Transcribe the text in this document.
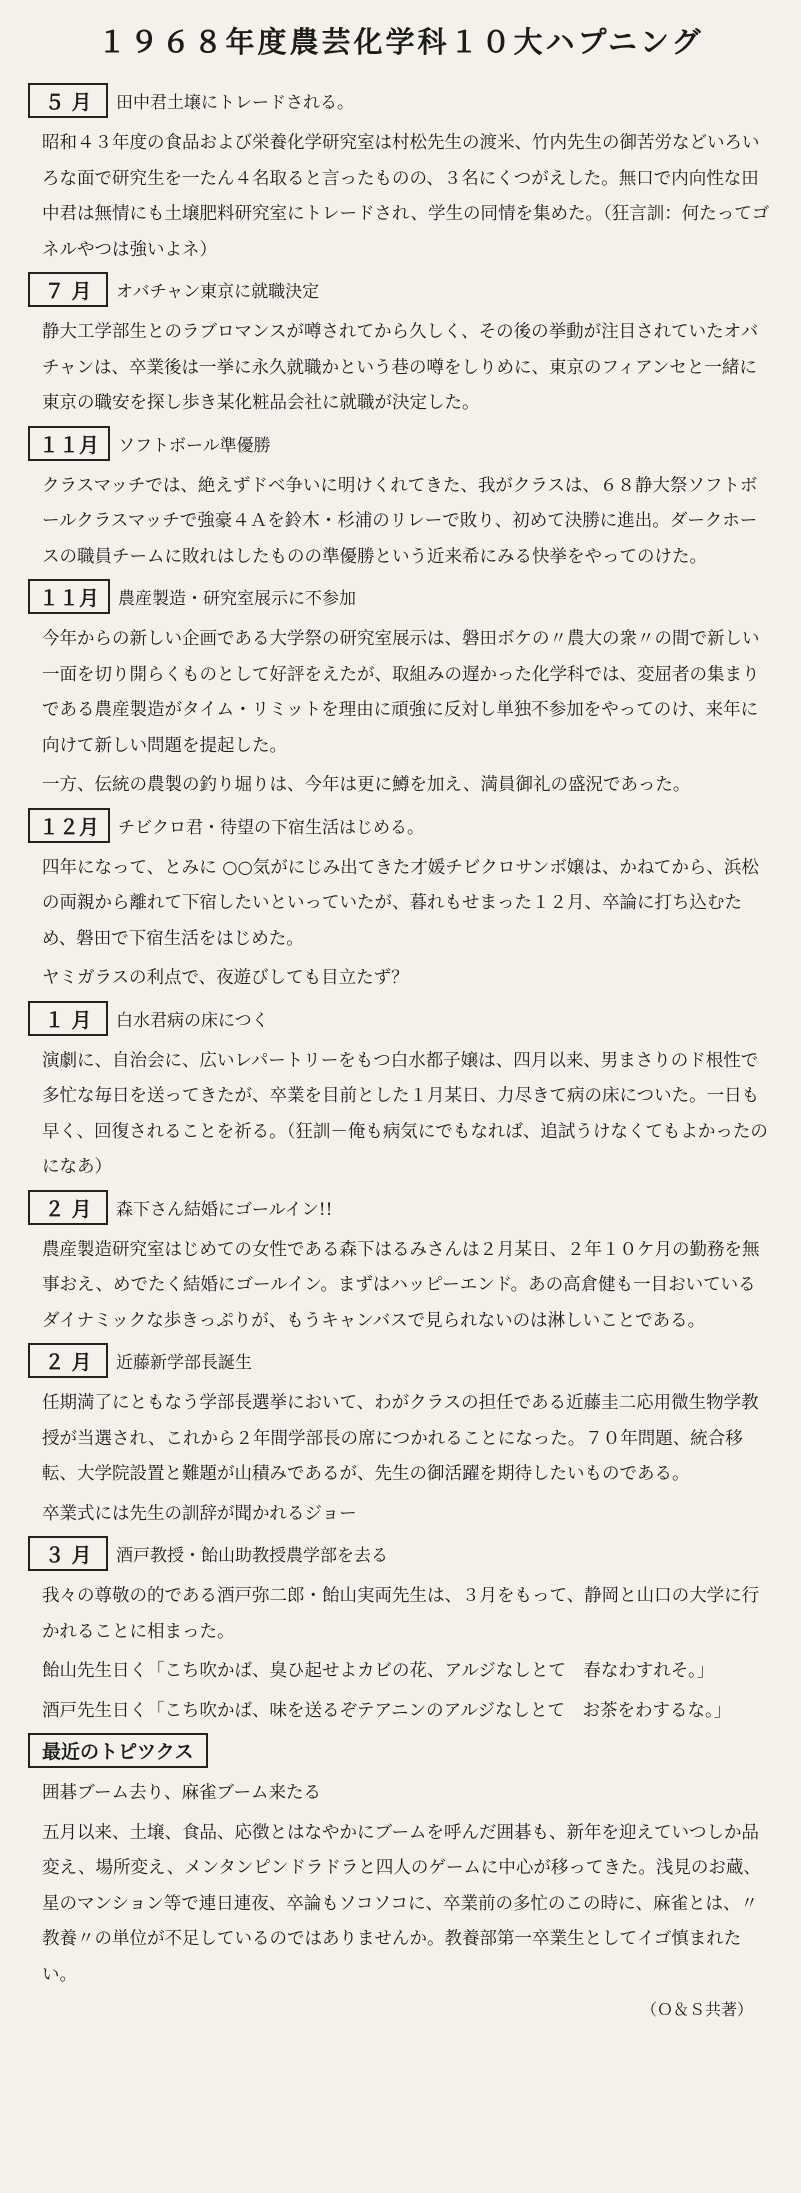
１９６８年度農芸化学科１０大ハプニング
５ 月	田中君土壌にトレードされる。
昭和４３年度の食品および栄養化学研究室は村松先生の渡米、竹内先生の御苦労などいろいろな面で研究生を一たん４名取ると言ったものの、３名にくつがえした。無口で内向性な田中君は無情にも土壌肥料研究室にトレードされ、学生の同情を集めた。（狂言訓：何たってゴネルやつは強いよネ）
７ 月	オバチャン東京に就職決定
静大工学部生とのラブロマンスが噂されてから久しく、その後の挙動が注目されていたオバチャンは、卒業後は一挙に永久就職かという巷の噂をしりめに、東京のフィアンセと一緒に東京の職安を探し歩き某化粧品会社に就職が決定した。
１１月	ソフトボール準優勝
クラスマッチでは、絶えずドベ争いに明けくれてきた、我がクラスは、６８静大祭ソフトボールクラスマッチで強豪４Ａを鈴木・杉浦のリレーで敗り、初めて決勝に進出。ダークホースの職員チームに敗れはしたものの準優勝という近来希にみる快挙をやってのけた。
１１月	農産製造・研究室展示に不参加
今年からの新しい企画である大学祭の研究室展示は、磐田ボケの〃農大の衆〃の間で新しい一面を切り開らくものとして好評をえたが、取組みの遅かった化学科では、変屈者の集まりである農産製造がタイム・リミットを理由に頑強に反対し単独不参加をやってのけ、来年に向けて新しい問題を提起した。
一方、伝統の農製の釣り堀りは、今年は更に鱒を加え、満員御礼の盛況であった。
１２月	チビクロ君・待望の下宿生活はじめる。
四年になって、とみに ○○気がにじみ出てきた才媛チビクロサンボ嬢は、かねてから、浜松の両親から離れて下宿したいといっていたが、暮れもせまった１２月、卒論に打ち込むため、磐田で下宿生活をはじめた。
ヤミガラスの利点で、夜遊びしても目立たず？
１ 月	白水君病の床につく
演劇に、自治会に、広いレパートリーをもつ白水都子嬢は、四月以来、男まさりのド根性で多忙な毎日を送ってきたが、卒業を目前とした１月某日、力尽きて病の床についた。一日も早く、回復されることを祈る。（狂訓－俺も病気にでもなれば、追試うけなくてもよかったのになあ）
２ 月	森下さん結婚にゴールイン!!
農産製造研究室はじめての女性である森下はるみさんは２月某日、２年１０ケ月の勤務を無事おえ、めでたく結婚にゴールイン。まずはハッピーエンド。あの高倉健も一目おいているダイナミックな歩きっぷりが、もうキャンバスで見られないのは淋しいことである。
２ 月	近藤新学部長誕生
任期満了にともなう学部長選挙において、わがクラスの担任である近藤圭二応用微生物学教授が当選され、これから２年間学部長の席につかれることになった。７０年問題、統合移転、大学院設置と難題が山積みであるが、先生の御活躍を期待したいものである。
卒業式には先生の訓辞が聞かれるジョー
３ 月	酒戸教授・飴山助教授農学部を去る
我々の尊敬の的である酒戸弥二郎・飴山実両先生は、３月をもって、静岡と山口の大学に行かれることに相まった。
飴山先生日く「こち吹かば、臭ひ起せよカビの花、アルジなしとて　春なわすれそ。」
酒戸先生日く「こち吹かば、味を送るぞテアニンのアルジなしとて　お茶をわするな。」
最近のトピツクス
囲碁ブーム去り、麻雀ブーム来たる
五月以来、土壌、食品、応徴とはなやかにブームを呼んだ囲碁も、新年を迎えていつしか品変え、場所変え、メンタンピンドラドラと四人のゲームに中心が移ってきた。浅見のお蔵、星のマンション等で連日連夜、卒論もソコソコに、卒業前の多忙のこの時に、麻雀とは、〃教養〃の単位が不足しているのではありませんか。教養部第一卒業生としてイゴ慎まれたい。
（Ｏ＆Ｓ共著）
